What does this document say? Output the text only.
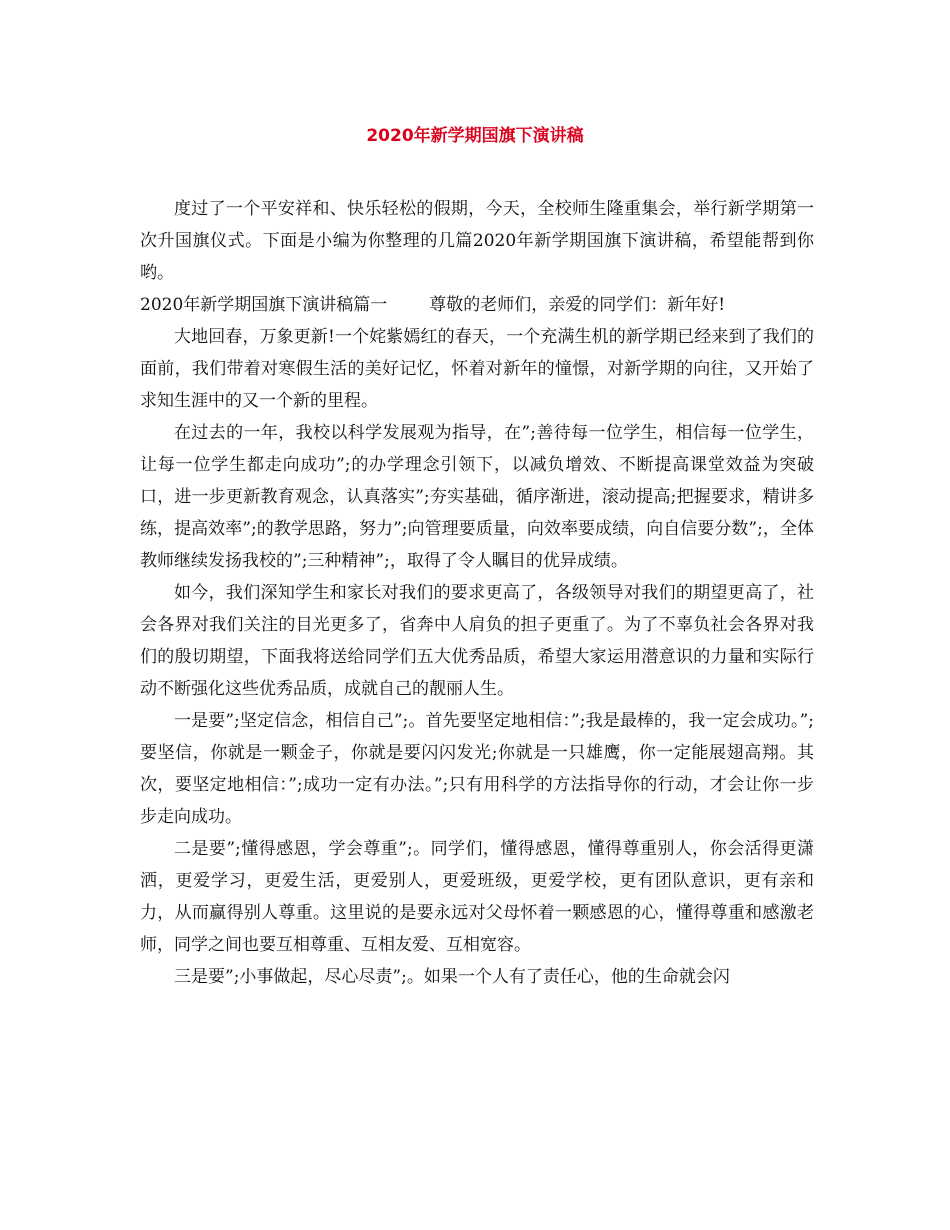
2020年新学期国旗下演讲稿

度过了一个平安祥和、快乐轻松的假期，今天，全校师生隆重集会，举行新学期第一次升国旗仪式。下面是小编为你整理的几篇2020年新学期国旗下演讲稿，希望能帮到你哟。

2020年新学期国旗下演讲稿篇一 尊敬的老师们，亲爱的同学们：新年好!

大地回春，万象更新!一个姹紫嫣红的春天，一个充满生机的新学期已经来到了我们的面前，我们带着对寒假生活的美好记忆，怀着对新年的憧憬，对新学期的向往，又开始了求知生涯中的又一个新的里程。

在过去的一年，我校以科学发展观为指导，在”;善待每一位学生，相信每一位学生，让每一位学生都走向成功”;的办学理念引领下，以减负增效、不断提高课堂效益为突破口，进一步更新教育观念，认真落实”;夯实基础，循序渐进，滚动提高;把握要求，精讲多练，提高效率”;的教学思路，努力”;向管理要质量，向效率要成绩，向自信要分数”;，全体教师继续发扬我校的”;三种精神”;，取得了令人瞩目的优异成绩。

如今，我们深知学生和家长对我们的要求更高了，各级领导对我们的期望更高了，社会各界对我们关注的目光更多了，省奔中人肩负的担子更重了。为了不辜负社会各界对我们的殷切期望，下面我将送给同学们五大优秀品质，希望大家运用潜意识的力量和实际行动不断强化这些优秀品质，成就自己的靓丽人生。

一是要”;坚定信念，相信自己”;。首先要坚定地相信：”;我是最棒的，我一定会成功。”;要坚信，你就是一颗金子，你就是要闪闪发光;你就是一只雄鹰，你一定能展翅高翔。其次，要坚定地相信：”;成功一定有办法。”;只有用科学的方法指导你的行动，才会让你一步步走向成功。

二是要”;懂得感恩，学会尊重”;。同学们，懂得感恩，懂得尊重别人，你会活得更潇洒，更爱学习，更爱生活，更爱别人，更爱班级，更爱学校，更有团队意识，更有亲和力，从而赢得别人尊重。这里说的是要永远对父母怀着一颗感恩的心，懂得尊重和感激老师，同学之间也要互相尊重、互相友爱、互相宽容。

三是要”;小事做起，尽心尽责”;。如果一个人有了责任心，他的生命就会闪
